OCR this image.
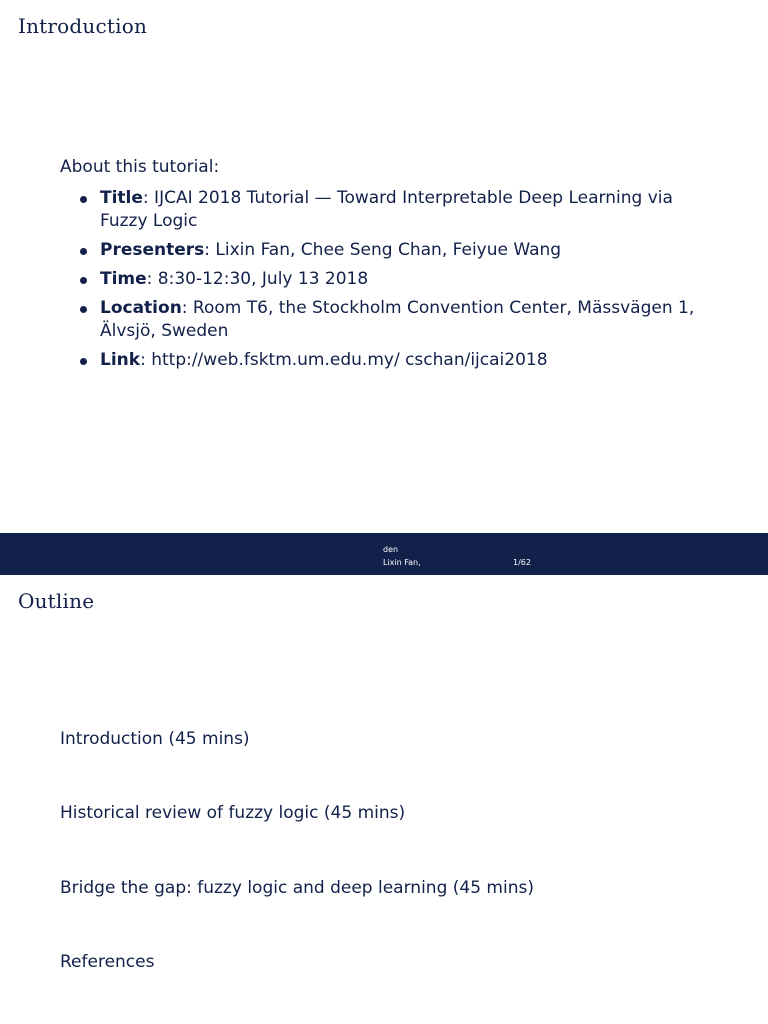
Introduction
About this tutorial:
Title: IJCAI 2018 Tutorial — Toward Interpretable Deep Learning via Fuzzy Logic
Presenters: Lixin Fan, Chee Seng Chan, Feiyue Wang
Time: 8:30-12:30, July 13 2018
Location: Room T6, the Stockholm Convention Center, Mässvägen 1, Älvsjö, Sweden
Link: http://web.fsktm.um.edu.my/ cschan/ijcai2018
den
Lixin Fan,	1/62
Outline
Introduction (45 mins)
Historical review of fuzzy logic (45 mins)
Bridge the gap: fuzzy logic and deep learning (45 mins)
References
